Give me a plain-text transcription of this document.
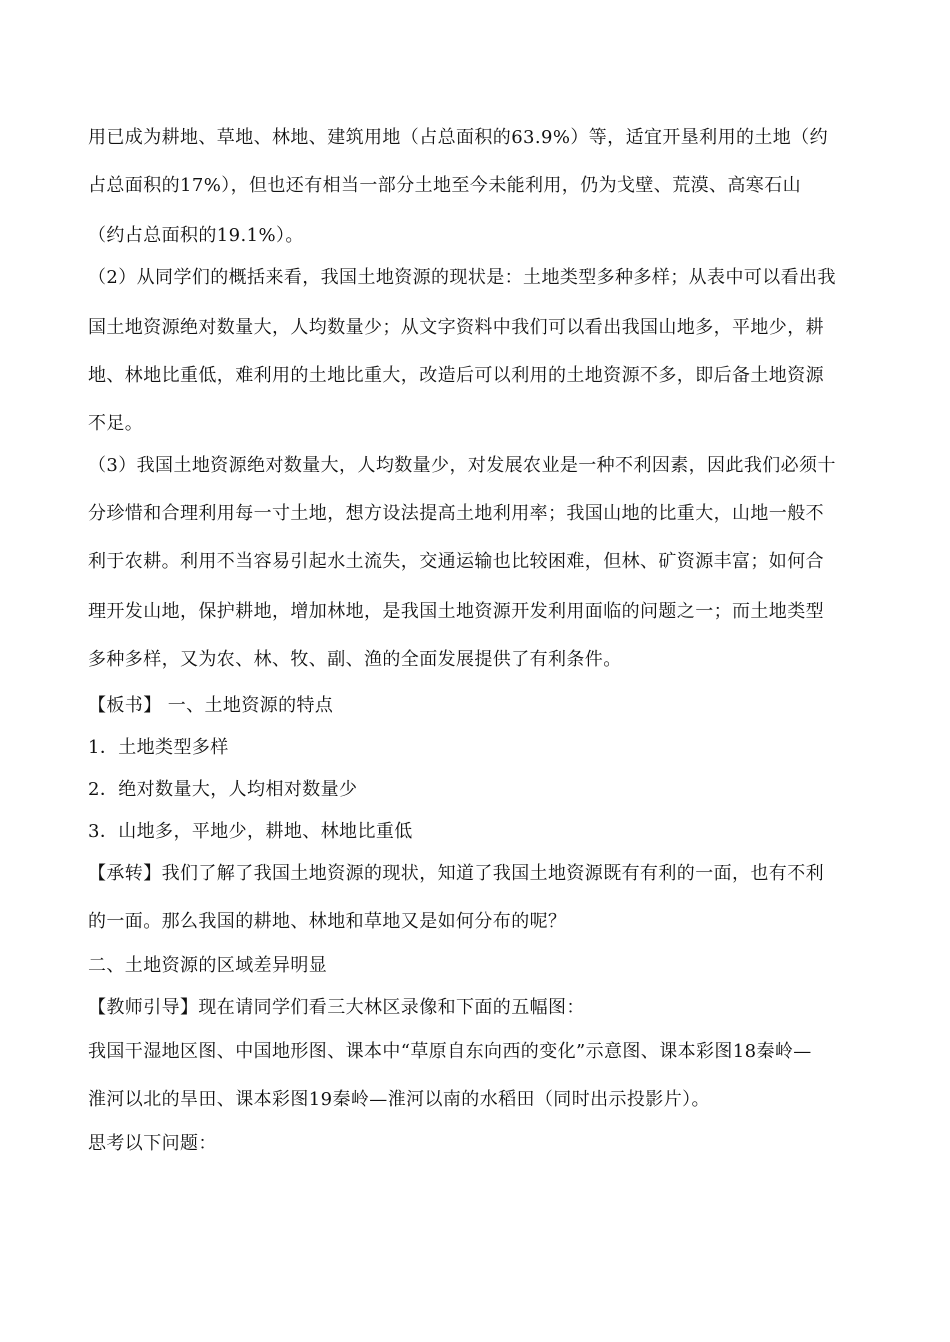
用已成为耕地、草地、林地、建筑用地（占总面积的63.9%）等，适宜开垦利用的土地（约
占总面积的17%），但也还有相当一部分土地至今未能利用，仍为戈壁、荒漠、高寒石山
（约占总面积的19.1%）。
（2）从同学们的概括来看，我国土地资源的现状是：土地类型多种多样；从表中可以看出我
国土地资源绝对数量大，人均数量少；从文字资料中我们可以看出我国山地多，平地少，耕
地、林地比重低，难利用的土地比重大，改造后可以利用的土地资源不多，即后备土地资源
不足。
（3）我国土地资源绝对数量大，人均数量少，对发展农业是一种不利因素，因此我们必须十
分珍惜和合理利用每一寸土地，想方设法提高土地利用率；我国山地的比重大，山地一般不
利于农耕。利用不当容易引起水土流失，交通运输也比较困难，但林、矿资源丰富；如何合
理开发山地，保护耕地，增加林地，是我国土地资源开发利用面临的问题之一；而土地类型
多种多样，又为农、林、牧、副、渔的全面发展提供了有利条件。
【板书】 一、土地资源的特点
1．土地类型多样
2．绝对数量大，人均相对数量少
3．山地多，平地少，耕地、林地比重低
【承转】我们了解了我国土地资源的现状，知道了我国土地资源既有有利的一面，也有不利
的一面。那么我国的耕地、林地和草地又是如何分布的呢？
二、土地资源的区域差异明显
【教师引导】现在请同学们看三大林区录像和下面的五幅图：
我国干湿地区图、中国地形图、课本中“草原自东向西的变化”示意图、课本彩图18秦岭—
淮河以北的旱田、课本彩图19秦岭—淮河以南的水稻田（同时出示投影片）。
思考以下问题：
